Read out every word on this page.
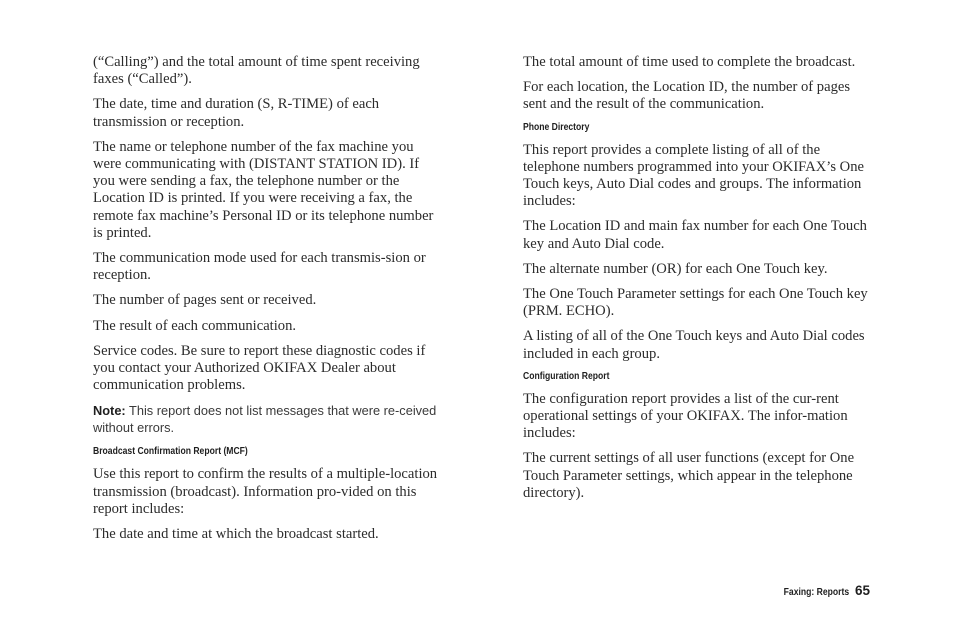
(“Calling”) and the total amount of time spent receiving faxes (“Called”).

The date, time and duration (S, R-TIME) of each transmission or reception.

The name or telephone number of the fax machine you were communicating with (DISTANT STATION ID). If you were sending a fax, the telephone number or the Location ID is printed. If you were receiving a fax, the remote fax machine’s Personal ID or its telephone number is printed.

The communication mode used for each transmis-sion or reception.

The number of pages sent or received.

The result of each communication.

Service codes. Be sure to report these diagnostic codes if you contact your Authorized OKIFAX Dealer about communication problems.

Note: This report does not list messages that were re-ceived without errors.

Broadcast Confirmation Report (MCF)

Use this report to confirm the results of a multiple-location transmission (broadcast). Information pro-vided on this report includes:

The date and time at which the broadcast started.

The total amount of time used to complete the broadcast.

For each location, the Location ID, the number of pages sent and the result of the communication.

Phone Directory

This report provides a complete listing of all of the telephone numbers programmed into your OKIFAX’s One Touch keys, Auto Dial codes and groups. The information includes:

The Location ID and main fax number for each One Touch key and Auto Dial code.

The alternate number (OR) for each One Touch key.

The One Touch Parameter settings for each One Touch key (PRM. ECHO).

A listing of all of the One Touch keys and Auto Dial codes included in each group.

Configuration Report

The configuration report provides a list of the cur-rent operational settings of your OKIFAX. The infor-mation includes:

The current settings of all user functions (except for One Touch Parameter settings, which appear in the telephone directory).

Faxing: Reports 65
